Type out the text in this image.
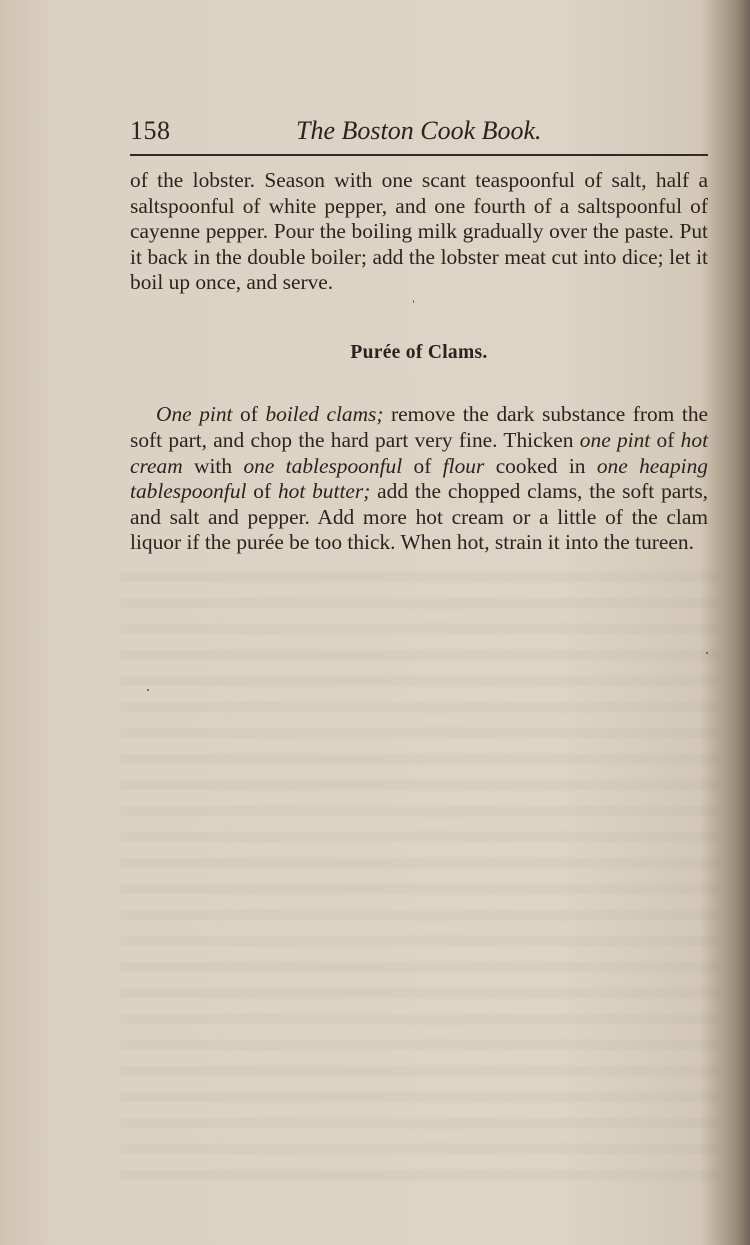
158	The Boston Cook Book.

of the lobster. Season with one scant teaspoonful of salt, half a saltspoonful of white pepper, and one fourth of a saltspoonful of cayenne pepper. Pour the boiling milk gradually over the paste. Put it back in the double boiler; add the lobster meat cut into dice; let it boil up once, and serve.

Purée of Clams.

One pint of boiled clams; remove the dark substance from the soft part, and chop the hard part very fine. Thicken one pint of hot cream with one tablespoonful of flour cooked in one heaping tablespoonful of hot butter; add the chopped clams, the soft parts, and salt and pepper. Add more hot cream or a little of the clam liquor if the purée be too thick. When hot, strain it into the tureen.
